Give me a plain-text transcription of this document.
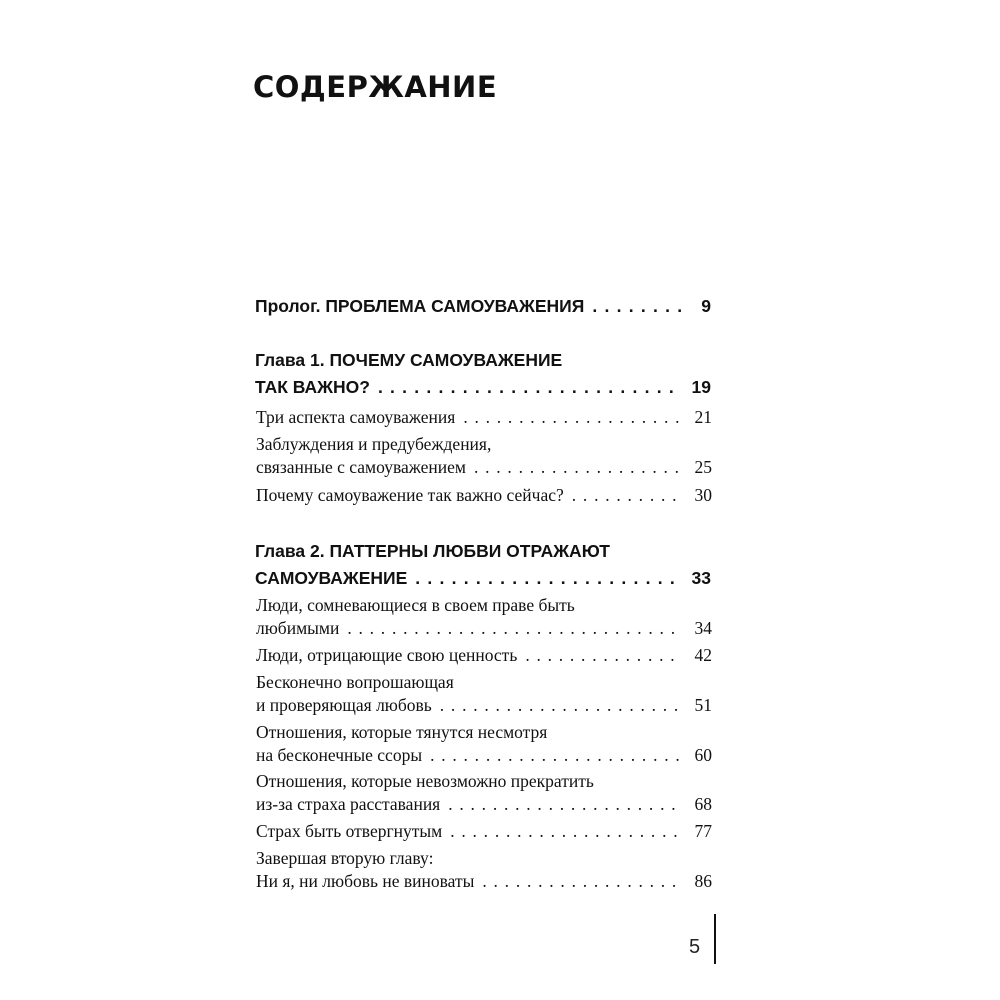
СОДЕРЖАНИЕ
Пролог. ПРОБЛЕМА САМОУВАЖЕНИЯ . . .	9
Глава 1. ПОЧЕМУ САМОУВАЖЕНИЕ
ТАК ВАЖНО? . . .	19
Три аспекта самоуважения . . .	21
Заблуждения и предубеждения,
связанные с самоуважением . . .	25
Почему самоуважение так важно сейчас? . . .	30
Глава 2. ПАТТЕРНЫ ЛЮБВИ ОТРАЖАЮТ
САМОУВАЖЕНИЕ . . .	33
Люди, сомневающиеся в своем праве быть
любимыми . . .	34
Люди, отрицающие свою ценность . . .	42
Бесконечно вопрошающая
и проверяющая любовь . . .	51
Отношения, которые тянутся несмотря
на бесконечные ссоры . . .	60
Отношения, которые невозможно прекратить
из-за страха расставания . . .	68
Страх быть отвергнутым . . .	77
Завершая вторую главу:
Ни я, ни любовь не виноваты . . .	86
5
